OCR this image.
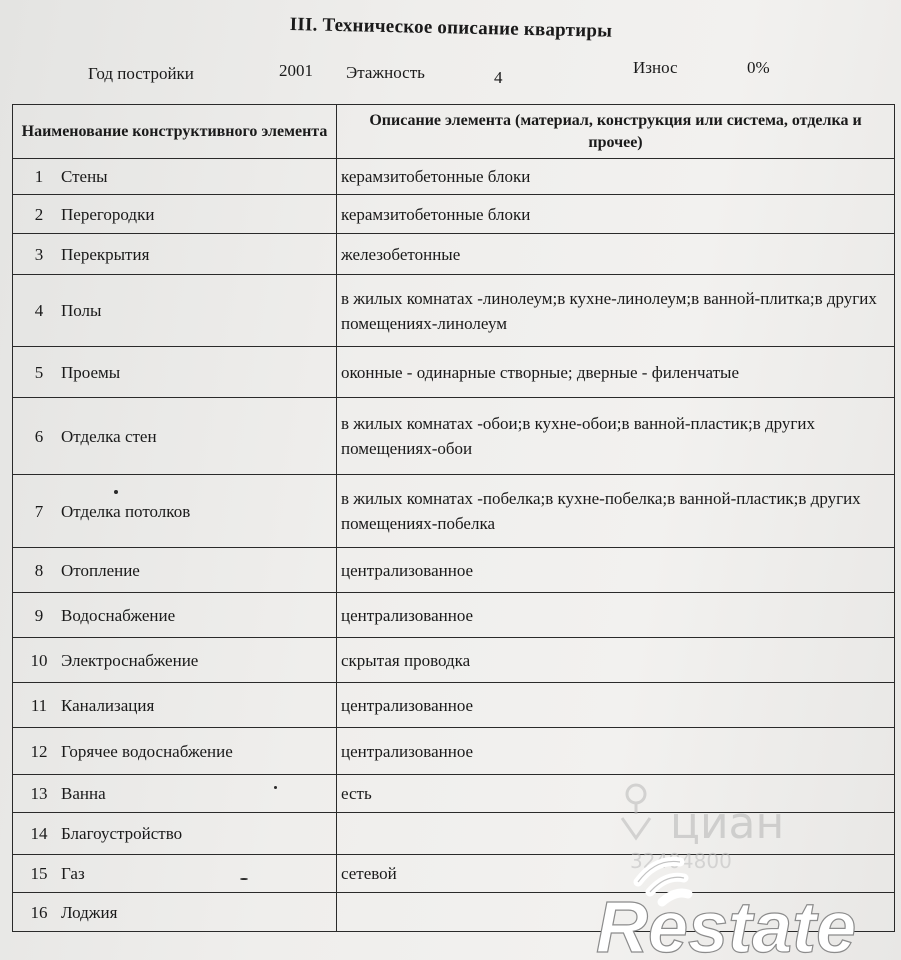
III. Техническое описание квартиры
Год постройки	2001 Этажность	4
Износ	0%
Наименование конструктивного элемента	Описание элемента (материал, конструкция или система, отделка и прочее)
1 Стены	керамзитобетонные блоки
2 Перегородки	керамзитобетонные блоки
3 Перекрытия	железобетонные
4 Полы	в жилых комнатах -линолеум;в кухне-линолеум;в ванной-плитка;в других помещениях-линолеум
5 Проемы	оконные - одинарные створные; дверные - филенчатые
6 Отделка стен	в жилых комнатах -обои;в кухне-обои;в ванной-пластик;в других помещениях-обои
7 Отделка потолков	в жилых комнатах -побелка;в кухне-побелка;в ванной-пластик;в других помещениях-побелка
8 Отопление	централизованное
9 Водоснабжение	централизованное
10 Электроснабжение	скрытая проводка
11 Канализация	централизованное
12 Горячее водоснабжение	централизованное
13 Ванна	есть
14 Благоустройство	
15 Газ	сетевой
16 Лоджия	
циан
32404800
Restate
